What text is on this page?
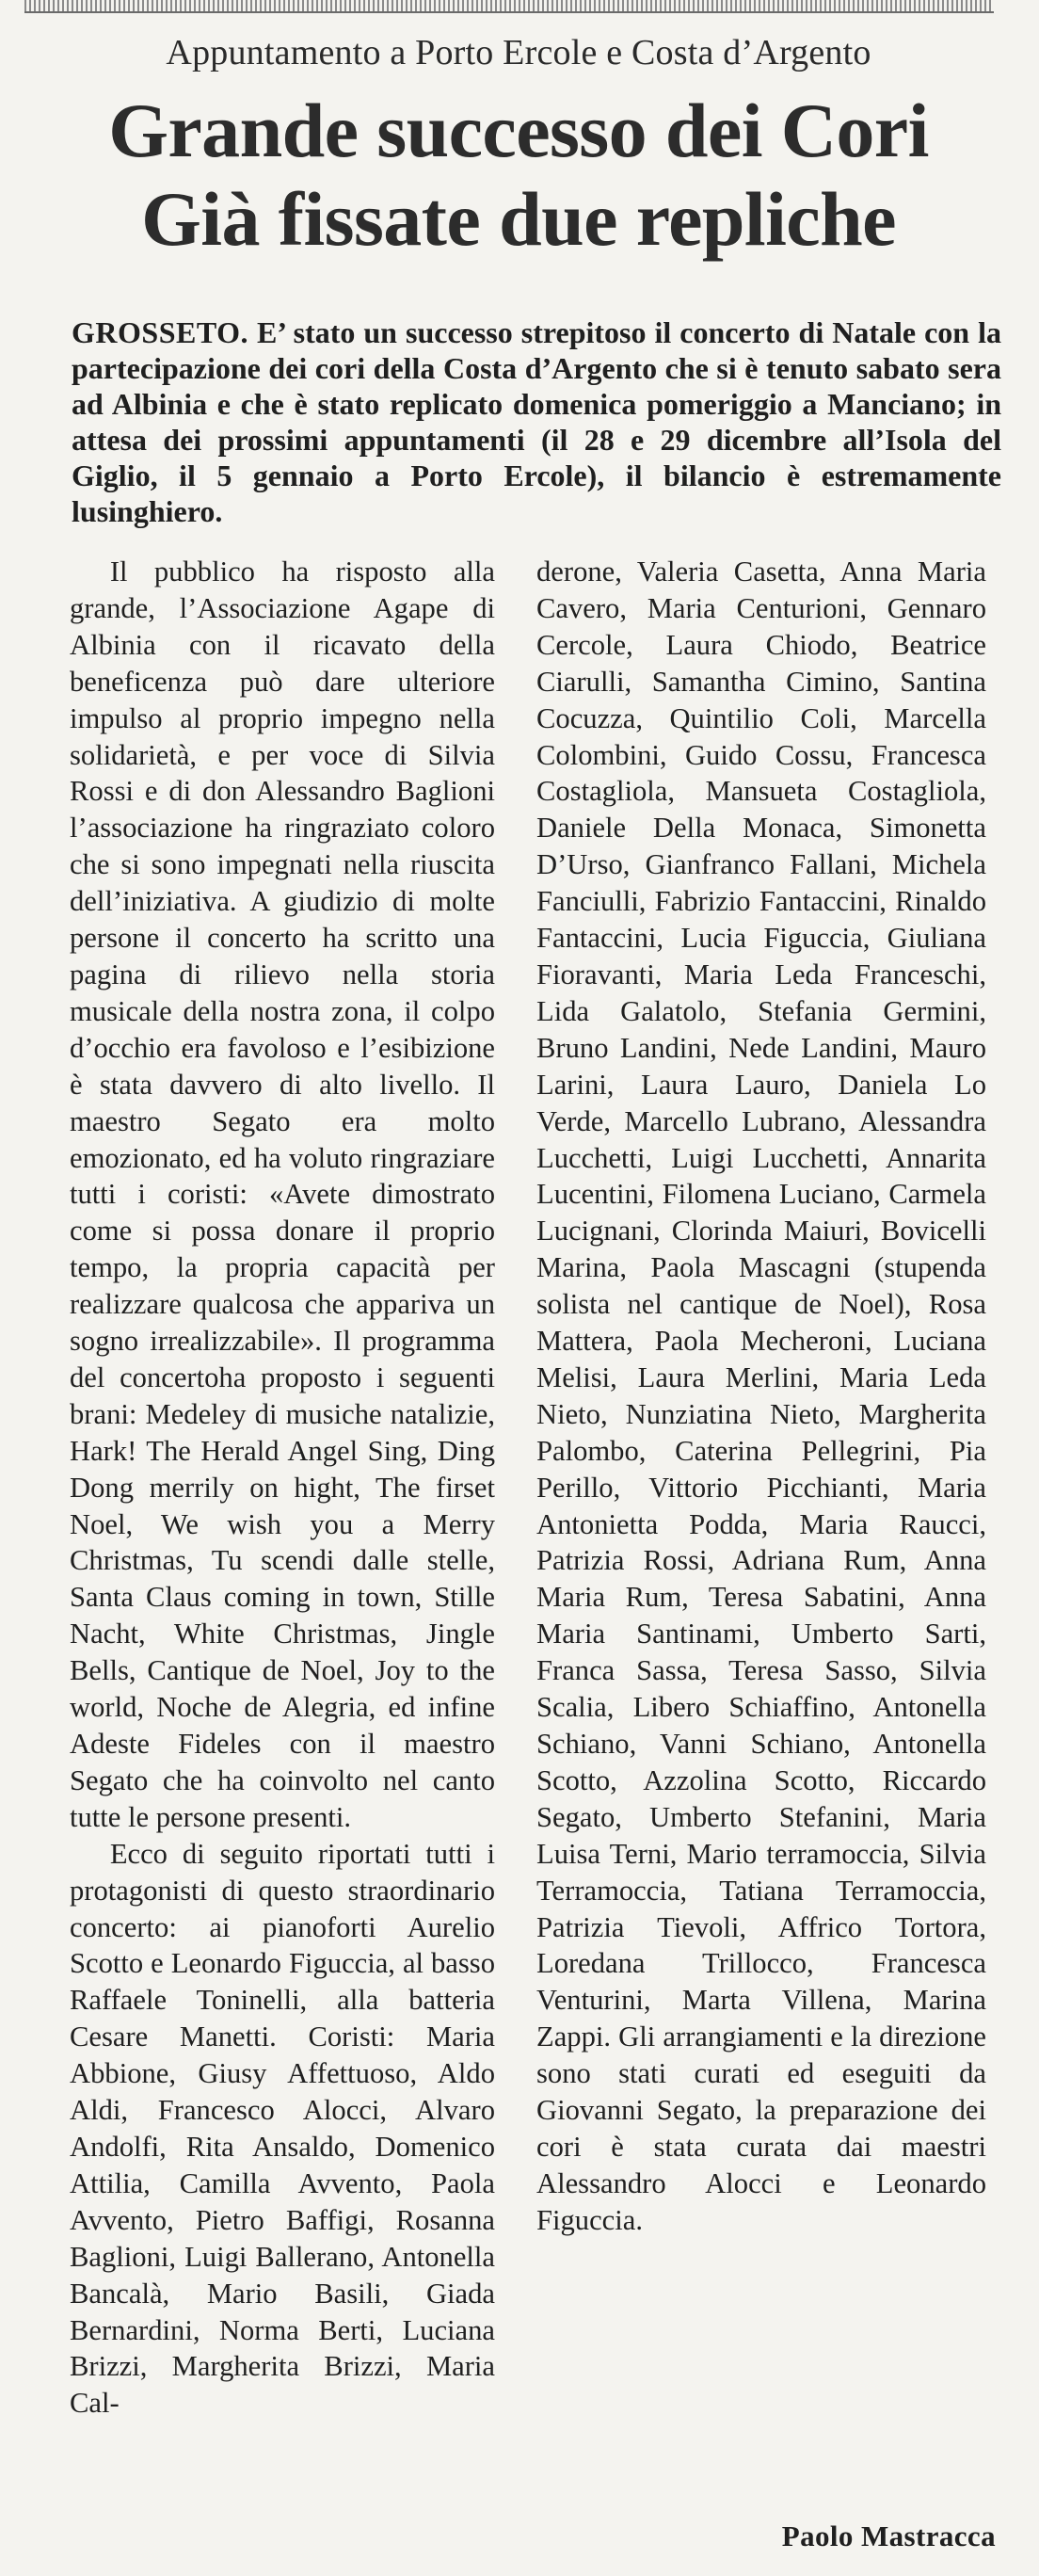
Appuntamento a Porto Ercole e Costa d’Argento
Grande successo dei Cori
Già fissate due repliche

GROSSETO. E’ stato un successo strepitoso il concerto di Natale con la partecipazione dei cori della Costa d’Argento che si è tenuto sabato sera ad Albinia e che è stato replicato domenica pomeriggio a Manciano; in attesa dei prossimi appuntamenti (il 28 e 29 dicembre all’Isola del Giglio, il 5 gennaio a Porto Ercole), il bilancio è estremamente lusinghiero.

Il pubblico ha risposto alla grande, l’Associazione Agape di Albinia con il ricavato della beneficenza può dare ulteriore impulso al proprio impegno nella solidarietà, e per voce di Silvia Rossi e di don Alessandro Baglioni l’associazione ha ringraziato coloro che si sono impegnati nella riuscita dell’iniziativa. A giudizio di molte persone il concerto ha scritto una pagina di rilievo nella storia musicale della nostra zona, il colpo d’occhio era favoloso e l’esibizione è stata davvero di alto livello. Il maestro Segato era molto emozionato, ed ha voluto ringraziare tutti i coristi: «Avete dimostrato come si possa donare il proprio tempo, la propria capacità per realizzare qualcosa che appariva un sogno irrealizzabile». Il programma del concertoha proposto i seguenti brani: Medeley di musiche natalizie, Hark! The Herald Angel Sing, Ding Dong merrily on hight, The firset Noel, We wish you a Merry Christmas, Tu scendi dalle stelle, Santa Claus coming in town, Stille Nacht, White Christmas, Jingle Bells, Cantique de Noel, Joy to the world, Noche de Alegria, ed infine Adeste Fideles con il maestro Segato che ha coinvolto nel canto tutte le persone presenti.

Ecco di seguito riportati tutti i protagonisti di questo straordinario concerto: ai pianoforti Aurelio Scotto e Leonardo Figuccia, al basso Raffaele Toninelli, alla batteria Cesare Manetti. Coristi: Maria Abbione, Giusy Affettuoso, Aldo Aldi, Francesco Alocci, Alvaro Andolfi, Rita Ansaldo, Domenico Attilia, Camilla Avvento, Paola Avvento, Pietro Baffigi, Rosanna Baglioni, Luigi Ballerano, Antonella Bancalà, Mario Basili, Giada Bernardini, Norma Berti, Luciana Brizzi, Margherita Brizzi, Maria Cal-

derone, Valeria Casetta, Anna Maria Cavero, Maria Centurioni, Gennaro Cercole, Laura Chiodo, Beatrice Ciarulli, Samantha Cimino, Santina Cocuzza, Quintilio Coli, Marcella Colombini, Guido Cossu, Francesca Costagliola, Mansueta Costagliola, Daniele Della Monaca, Simonetta D’Urso, Gianfranco Fallani, Michela Fanciulli, Fabrizio Fantaccini, Rinaldo Fantaccini, Lucia Figuccia, Giuliana Fioravanti, Maria Leda Franceschi, Lida Galatolo, Stefania Germini, Bruno Landini, Nede Landini, Mauro Larini, Laura Lauro, Daniela Lo Verde, Marcello Lubrano, Alessandra Lucchetti, Luigi Lucchetti, Annarita Lucentini, Filomena Luciano, Carmela Lucignani, Clorinda Maiuri, Bovicelli Marina, Paola Mascagni (stupenda solista nel cantique de Noel), Rosa Mattera, Paola Mecheroni, Luciana Melisi, Laura Merlini, Maria Leda Nieto, Nunziatina Nieto, Margherita Palombo, Caterina Pellegrini, Pia Perillo, Vittorio Picchianti, Maria Antonietta Podda, Maria Raucci, Patrizia Rossi, Adriana Rum, Anna Maria Rum, Teresa Sabatini, Anna Maria Santinami, Umberto Sarti, Franca Sassa, Teresa Sasso, Silvia Scalia, Libero Schiaffino, Antonella Schiano, Vanni Schiano, Antonella Scotto, Azzolina Scotto, Riccardo Segato, Umberto Stefanini, Maria Luisa Terni, Mario terramoccia, Silvia Terramoccia, Tatiana Terramoccia, Patrizia Tievoli, Affrico Tortora, Loredana Trillocco, Francesca Venturini, Marta Villena, Marina Zappi. Gli arrangiamenti e la direzione sono stati curati ed eseguiti da Giovanni Segato, la preparazione dei cori è stata curata dai maestri Alessandro Alocci e Leonardo Figuccia.

Paolo Mastracca
